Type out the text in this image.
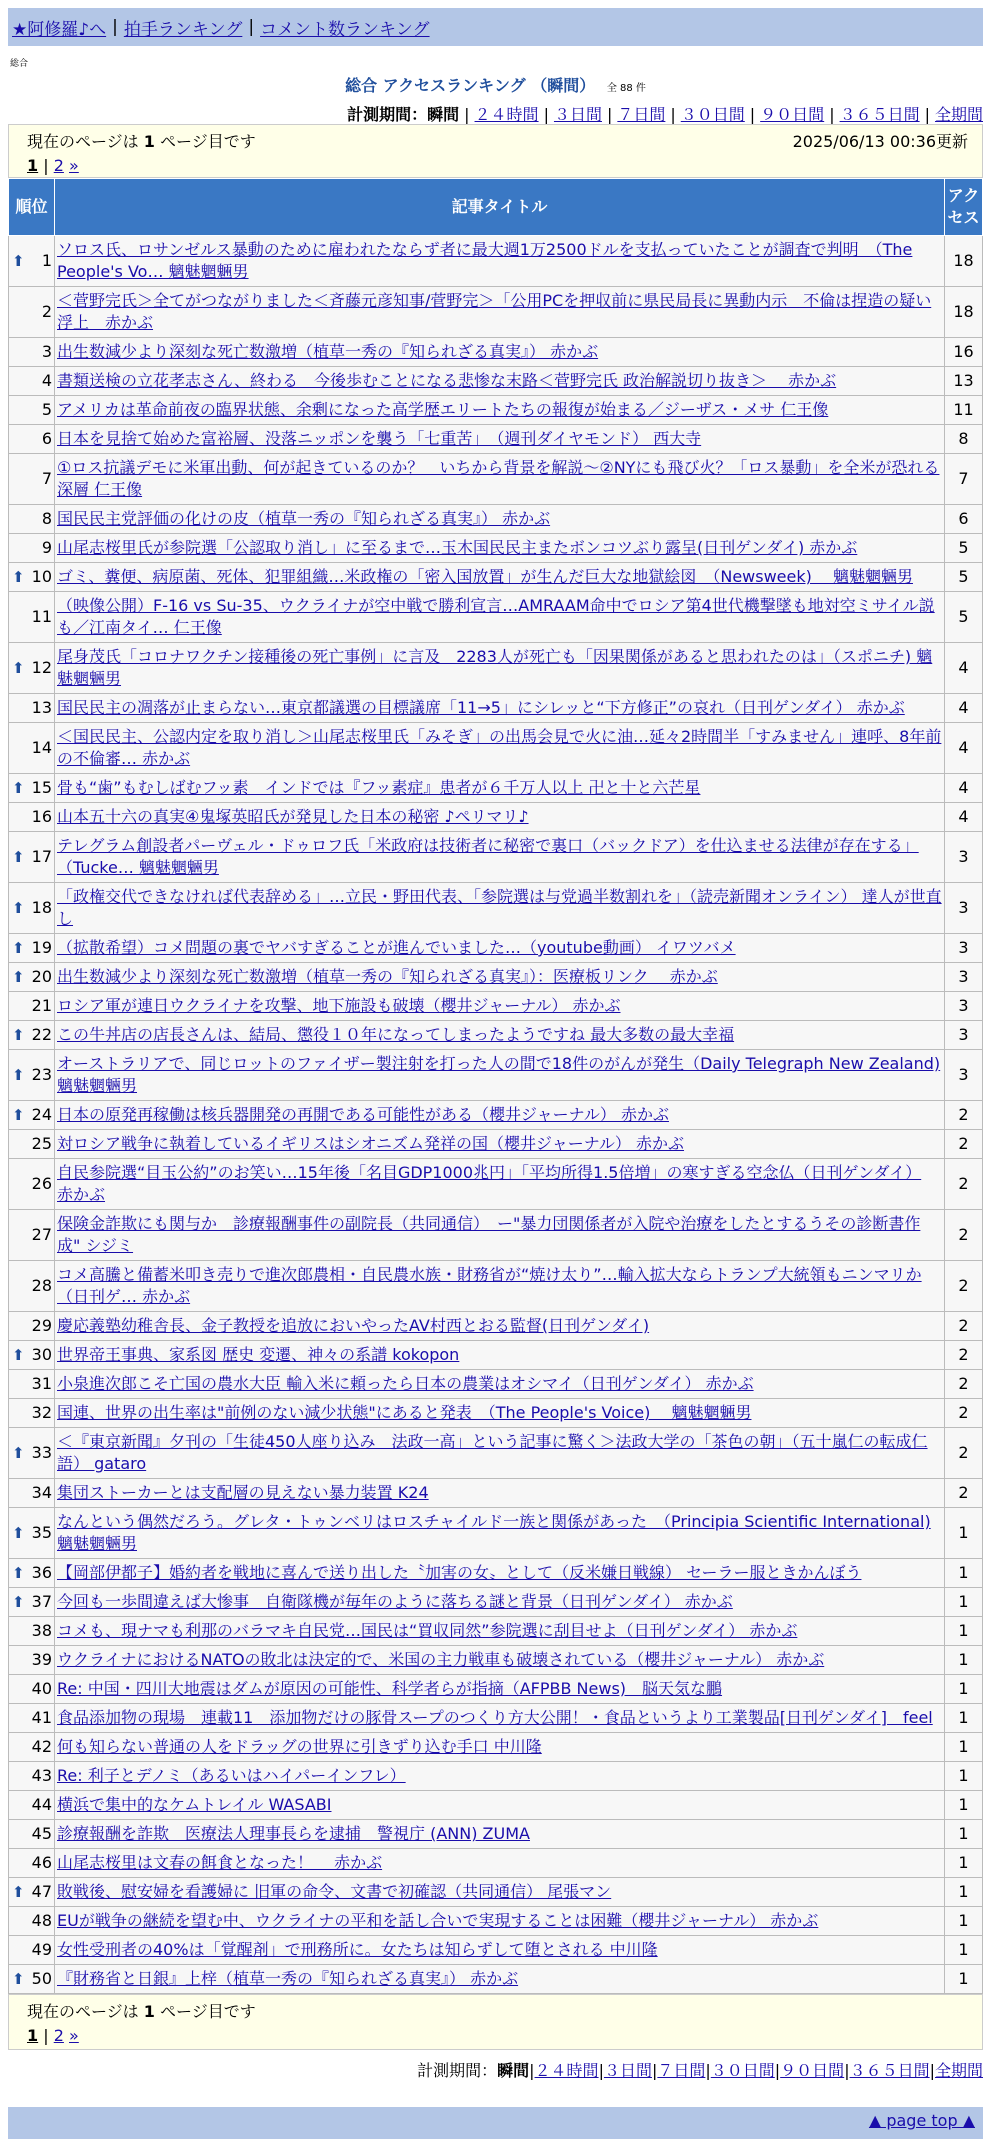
★阿修羅♪へ | 拍手ランキング | コメント数ランキング
総合
総合 アクセスランキング （瞬間） 全 88 件
計測期間：瞬間 | ２４時間 | ３日間 | ７日間 | ３０日間 | ９０日間 | ３６５日間 | 全期間
現在のページは 1 ページ目です	2025/06/13 00:36更新
1 | 2 »
順位	記事タイトル	アクセス

⬆ 1	ソロス氏、ロサンゼルス暴動のために雇われたならず者に最大週1万2500ドルを支払っていたことが調査で判明　（The People's Vo… 魑魅魍魎男	18
2	＜菅野完氏＞全てがつながりました＜斉藤元彦知事/菅野完＞「公用PCを押収前に県民局長に異動内示　不倫は捏造の疑い浮上　赤かぶ	18
3	出生数減少より深刻な死亡数激増（植草一秀の『知られざる真実』） 赤かぶ	16
4	書類送検の立花孝志さん、終わる　今後歩むことになる悲惨な末路＜菅野完氏 政治解説切り抜き＞　 赤かぶ	13
5	アメリカは革命前夜の臨界状態、余剰になった高学歴エリートたちの報復が始まる／ジーザス・メサ 仁王像	11
6	日本を見捨て始めた富裕層、没落ニッポンを襲う「七重苦」　（週刊ダイヤモンド） 西大寺	8
7	①ロス抗議デモに米軍出動、何が起きているのか？　いちから背景を解説～②NYにも飛び火？「ロス暴動」を全米が恐れる深層 仁王像	7
8	国民民主党評価の化けの皮（植草一秀の『知られざる真実』） 赤かぶ	6
9	山尾志桜里氏が参院選「公認取り消し」に至るまで…玉木国民民主またボンコツぶり露呈(日刊ゲンダイ) 赤かぶ	5

⬆ 10	ゴミ、糞便、病原菌、死体、犯罪組織…米政権の「密入国放置」が生んだ巨大な地獄絵図　（Newsweek)　 魑魅魍魎男	5
11	（映像公開）F-16 vs Su-35、ウクライナが空中戦で勝利宣言…AMRAAM命中でロシア第4世代機撃墜も地対空ミサイル説も／江南タイ… 仁王像	5

⬆ 12	尾身茂氏「コロナワクチン接種後の死亡事例」に言及　2283人が死亡も「因果関係があると思われたのは」（スポニチ) 魑魅魍魎男	4
13	国民民主の凋落が止まらない…東京都議選の目標議席「11→5」にシレッと“下方修正”の哀れ（日刊ゲンダイ） 赤かぶ	4
14	＜国民民主、公認内定を取り消し＞山尾志桜里氏「みそぎ」の出馬会見で火に油…延々2時間半「すみません」連呼、8年前の不倫審… 赤かぶ	4

⬆ 15	骨も“歯”もむしばむフッ素　インドでは『フッ素症』患者が６千万人以上 卍と十と六芒星	4
16	山本五十六の真実④鬼塚英昭氏が発見した日本の秘密 ♪ペリマリ♪	4

⬆ 17	テレグラム創設者パーヴェル・ドゥロフ氏「米政府は技術者に秘密で裏口（バックドア）を仕込ませる法律が存在する」（Tucke… 魑魅魍魎男	3

⬆ 18	「政権交代できなければ代表辞める」…立民・野田代表、「参院選は与党過半数割れを」（読売新聞オンライン） 達人が世直し	3

⬆ 19	（拡散希望）コメ問題の裏でヤバすぎることが進んでいました…（youtube動画） イワツバメ	3

⬆ 20	出生数減少より深刻な死亡数激増（植草一秀の『知られざる真実』）：医療板リンク　 赤かぶ	3
21	ロシア軍が連日ウクライナを攻撃、地下施設も破壊（櫻井ジャーナル） 赤かぶ	3

⬆ 22	この牛丼店の店長さんは、結局、懲役１０年になってしまったようですね 最大多数の最大幸福	3

⬆ 23	オーストラリアで、同じロットのファイザー製注射を打った人の間で18件のがんが発生（Daily Telegraph New Zealand) 魑魅魍魎男	3

⬆ 24	日本の原発再稼働は核兵器開発の再開である可能性がある（櫻井ジャーナル） 赤かぶ	2
25	対ロシア戦争に執着しているイギリスはシオニズム発祥の国（櫻井ジャーナル） 赤かぶ	2
26	自民参院選“目玉公約”のお笑い…15年後「名目GDP1000兆円」「平均所得1.5倍増」の寒すぎる空念仏（日刊ゲンダイ） 赤かぶ	2
27	保険金詐欺にも関与か　診療報酬事件の副院長（共同通信）　ー"暴力団関係者が入院や治療をしたとするうその診断書作成" シジミ	2
28	コメ高騰と備蓄米叩き売りで進次郎農相・自民農水族・財務省が“焼け太り”…輸入拡大ならトランプ大統領もニンマリか（日刊ゲ… 赤かぶ	2
29	慶応義塾幼稚舎長、金子教授を追放においやったAV村西とおる監督(日刊ゲンダイ)	2

⬆ 30	世界帝王事典、家系図 歴史 変遷、神々の系譜 kokopon	2
31	小泉進次郎こそ亡国の農水大臣 輸入米に頼ったら日本の農業はオシマイ（日刊ゲンダイ） 赤かぶ	2
32	国連、世界の出生率は"前例のない減少状態"にあると発表　（The People's Voice)　 魑魅魍魎男	2

⬆ 33	＜『東京新聞』夕刊の「生徒450人座り込み　法政一高」という記事に驚く＞法政大学の「茶色の朝」（五十嵐仁の転成仁語） gataro	2
34	集団ストーカーとは支配層の見えない暴力装置 K24	2

⬆ 35	なんという偶然だろう。グレタ・トゥンベリはロスチャイルド一族と関係があった　（Principia Scientific International) 魑魅魍魎男	1

⬆ 36	【岡部伊都子】婚約者を戦地に喜んで送り出した〝加害の女〟として（反米嫌日戦線） セーラー服ときかんぼう	1

⬆ 37	今回も一歩間違えば大惨事　自衛隊機が毎年のように落ちる謎と背景（日刊ゲンダイ） 赤かぶ	1
38	コメも、現ナマも利那のバラマキ自民党…国民は“買収同然”参院選に刮目せよ（日刊ゲンダイ） 赤かぶ	1
39	ウクライナにおけるNATOの敗北は決定的で、米国の主力戦車も破壊されている（櫻井ジャーナル） 赤かぶ	1
40	Re: 中国・四川大地震はダムが原因の可能性、科学者らが指摘（AFPBB News)　脳天気な鵬	1
41	食品添加物の現場　連載11　添加物だけの豚骨スープのつくり方大公開！・食品というより工業製品[日刊ゲンダイ]　feel	1
42	何も知らない普通の人をドラッグの世界に引きずり込む手口 中川隆	1
43	Re: 利子とデノミ（あるいはハイパーインフレ）	1
44	横浜で集中的なケムトレイル WASABI	1
45	診療報酬を詐欺　医療法人理事長らを逮捕　警視庁 (ANN) ZUMA	1
46	山尾志桜里は文春の餌食となった！　 赤かぶ	1

⬆ 47	敗戦後、慰安婦を看護婦に 旧軍の命令、文書で初確認（共同通信） 尾張マン	1
48	EUが戦争の継続を望む中、ウクライナの平和を話し合いで実現することは困難（櫻井ジャーナル） 赤かぶ	1
49	女性受刑者の40%は「覚醒剤」で刑務所に。女たちは知らずして堕とされる 中川隆	1

⬆ 50	『財務省と日銀』上梓（植草一秀の『知られざる真実』） 赤かぶ	1
現在のページは 1 ページ目です
1 | 2 »
計測期間：瞬間|２４時間|３日間|７日間|３０日間|９０日間|３６５日間|全期間
▲ page top ▲
